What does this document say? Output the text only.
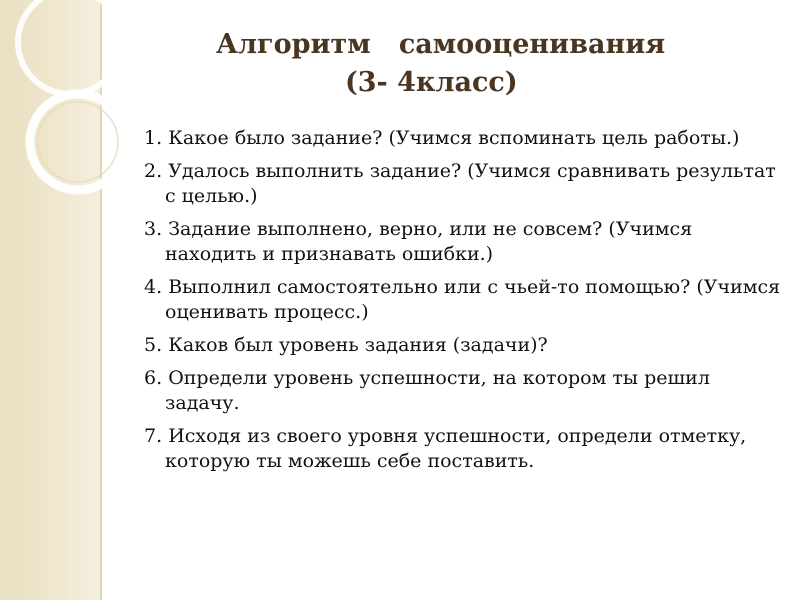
Алгоритм   самооценивания
(3- 4класс)
1. Какое было задание? (Учимся вспоминать цель работы.)
2. Удалось выполнить задание? (Учимся сравнивать результат с целью.)
3. Задание выполнено, верно, или не совсем? (Учимся находить и признавать ошибки.)
4. Выполнил самостоятельно или с чьей-то помощью? (Учимся оценивать процесс.)
5. Каков был уровень задания (задачи)?
6. Определи уровень успешности, на котором ты решил задачу.
7. Исходя из своего уровня успешности, определи отметку, которую ты можешь себе поставить.
